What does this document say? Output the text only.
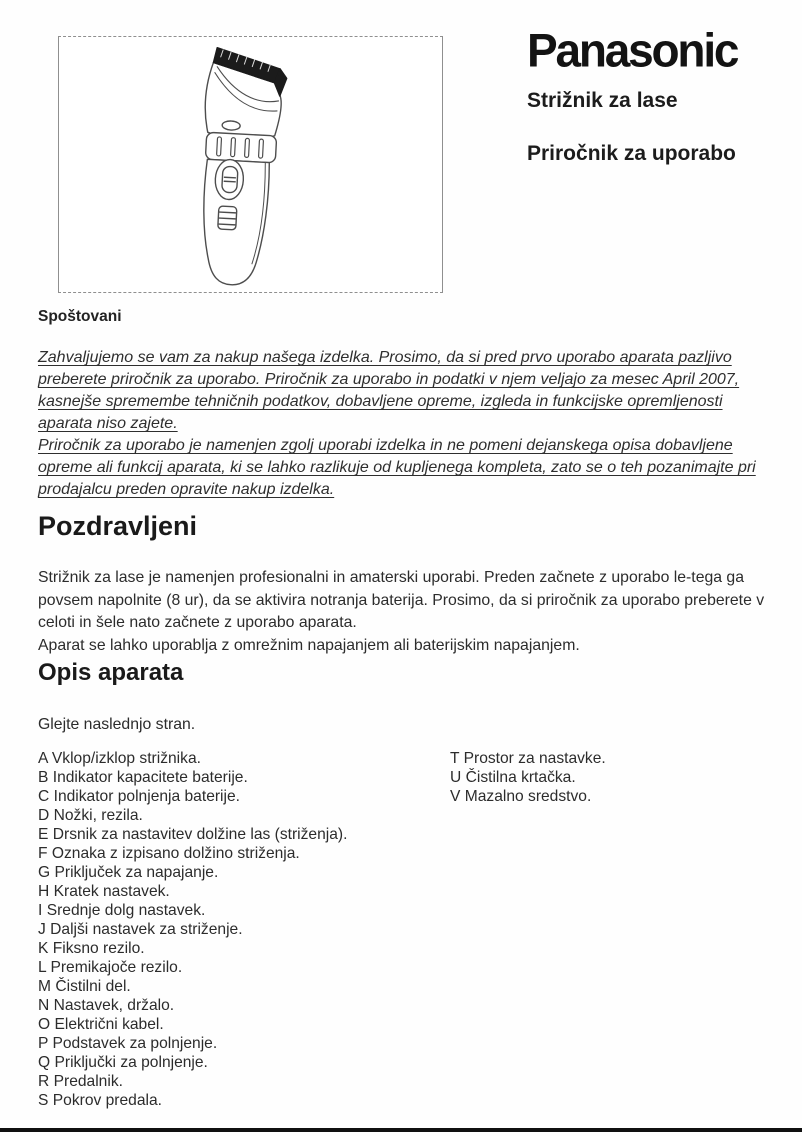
Panasonic
Strižnik za lase
Priročnik za uporabo

Spoštovani

Zahvaljujemo se vam za nakup našega izdelka. Prosimo, da si pred prvo uporabo aparata pazljivo preberete priročnik za uporabo. Priročnik za uporabo in podatki v njem veljajo za mesec April 2007, kasnejše spremembe tehničnih podatkov, dobavljene opreme, izgleda in funkcijske opremljenosti aparata niso zajete.

Priročnik za uporabo je namenjen zgolj uporabi izdelka in ne pomeni dejanskega opisa dobavljene opreme ali funkcij aparata, ki se lahko razlikuje od kupljenega kompleta, zato se o teh pozanimajte pri prodajalcu preden opravite nakup izdelka.

Pozdravljeni

Strižnik za lase je namenjen profesionalni in amaterski uporabi. Preden začnete z uporabo le-tega ga povsem napolnite (8 ur), da se aktivira notranja baterija. Prosimo, da si priročnik za uporabo preberete v celoti in šele nato začnete z uporabo aparata.

Aparat se lahko uporablja z omrežnim napajanjem ali baterijskim napajanjem.

Opis aparata

Glejte naslednjo stran.

A Vklop/izklop strižnika.
B Indikator kapacitete baterije.
C Indikator polnjenja baterije.
D Nožki, rezila.
E Drsnik za nastavitev dolžine las (striženja).
F Oznaka z izpisano dolžino striženja.
G Priključek za napajanje.
H Kratek nastavek.
I Srednje dolg nastavek.
J Daljši nastavek za striženje.
K Fiksno rezilo.
L Premikajoče rezilo.
M Čistilni del.
N Nastavek, držalo.
O Električni kabel.
P Podstavek za polnjenje.
Q Priključki za polnjenje.
R Predalnik.
S Pokrov predala.
T Prostor za nastavke.
U Čistilna krtačka.
V Mazalno sredstvo.
